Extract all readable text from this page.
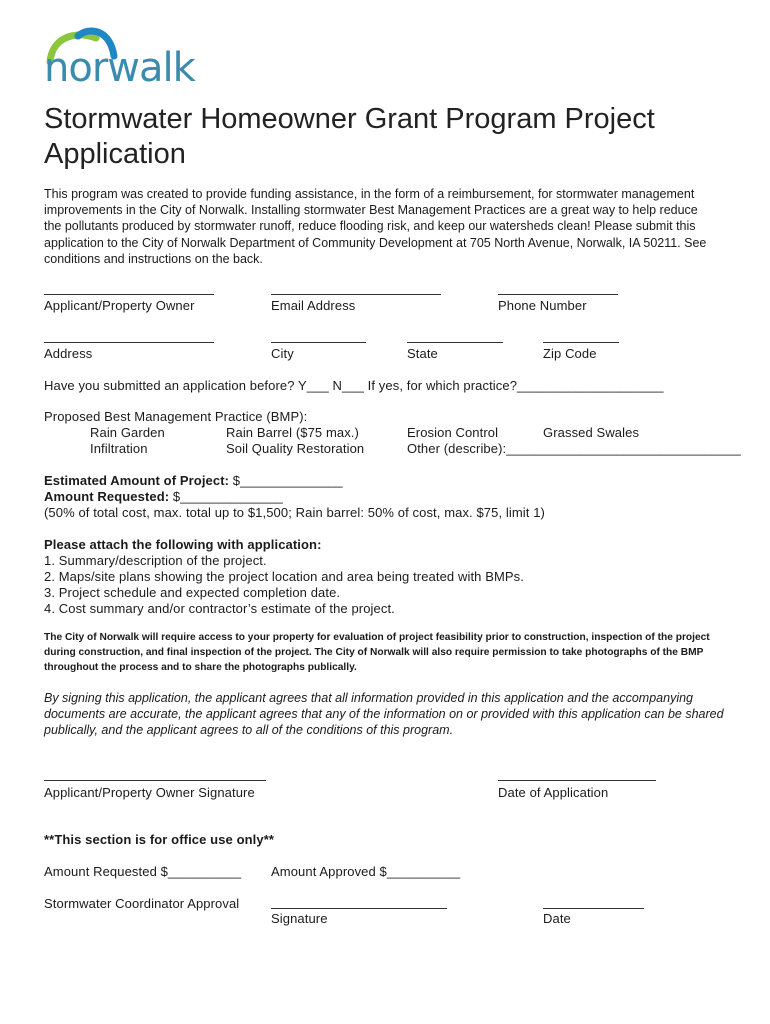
norwalk
Stormwater Homeowner Grant Program Project Application
This program was created to provide funding assistance, in the form of a reimbursement, for stormwater management improvements in the City of Norwalk. Installing stormwater Best Management Practices are a great way to help reduce the pollutants produced by stormwater runoff, reduce flooding risk, and keep our watersheds clean! Please submit this application to the City of Norwalk Department of Community Development at 705 North Avenue, Norwalk, IA 50211. See conditions and instructions on the back.
Applicant/Property Owner	Email Address	Phone Number
Address	City	State	Zip Code
Have you submitted an application before? Y___ N___ If yes, for which practice?____________________
Proposed Best Management Practice (BMP):
Rain Garden	Rain Barrel ($75 max.)	Erosion Control	Grassed Swales
Infiltration	Soil Quality Restoration	Other (describe):________________________________
Estimated Amount of Project: $______________
Amount Requested: $______________
(50% of total cost, max. total up to $1,500; Rain barrel: 50% of cost, max. $75, limit 1)
Please attach the following with application:
1. Summary/description of the project.
2. Maps/site plans showing the project location and area being treated with BMPs.
3. Project schedule and expected completion date.
4. Cost summary and/or contractor’s estimate of the project.
The City of Norwalk will require access to your property for evaluation of project feasibility prior to construction, inspection of the project during construction, and final inspection of the project. The City of Norwalk will also require permission to take photographs of the BMP throughout the process and to share the photographs publically.
By signing this application, the applicant agrees that all information provided in this application and the accompanying documents are accurate, the applicant agrees that any of the information on or provided with this application can be shared publically, and the applicant agrees to all of the conditions of this program.
Applicant/Property Owner Signature	Date of Application
**This section is for office use only**
Amount Requested $__________ Amount Approved $__________
Stormwater Coordinator Approval
Signature	Date
